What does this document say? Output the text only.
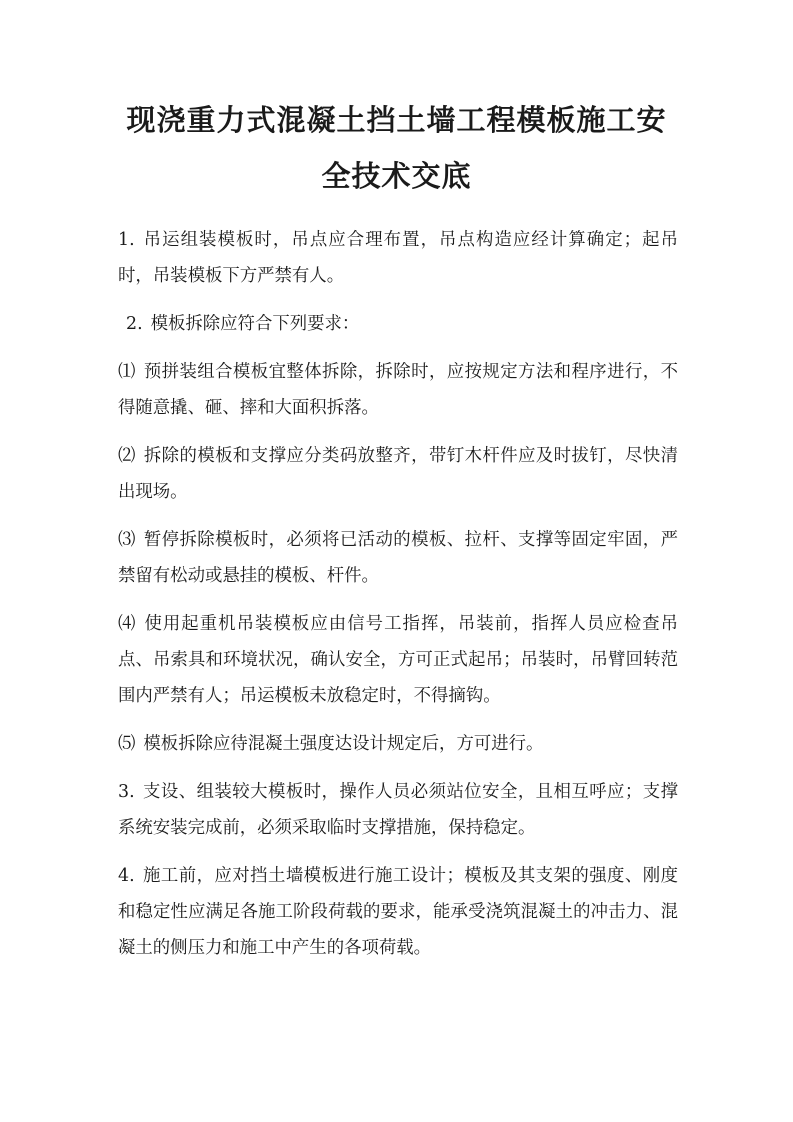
现浇重力式混凝土挡土墙工程模板施工安
全技术交底

1. 吊运组装模板时，吊点应合理布置，吊点构造应经计算确定；起吊时，吊装模板下方严禁有人。

2. 模板拆除应符合下列要求：

⑴ 预拼装组合模板宜整体拆除，拆除时，应按规定方法和程序进行，不得随意撬、砸、摔和大面积拆落。

⑵ 拆除的模板和支撑应分类码放整齐，带钉木杆件应及时拔钉，尽快清出现场。

⑶ 暂停拆除模板时，必须将已活动的模板、拉杆、支撑等固定牢固，严禁留有松动或悬挂的模板、杆件。

⑷ 使用起重机吊装模板应由信号工指挥，吊装前，指挥人员应检查吊点、吊索具和环境状况，确认安全，方可正式起吊；吊装时，吊臂回转范围内严禁有人；吊运模板未放稳定时，不得摘钩。

⑸ 模板拆除应待混凝土强度达设计规定后，方可进行。

3. 支设、组装较大模板时，操作人员必须站位安全，且相互呼应；支撑系统安装完成前，必须采取临时支撑措施，保持稳定。

4. 施工前，应对挡土墙模板进行施工设计；模板及其支架的强度、刚度和稳定性应满足各施工阶段荷载的要求，能承受浇筑混凝土的冲击力、混凝土的侧压力和施工中产生的各项荷载。
